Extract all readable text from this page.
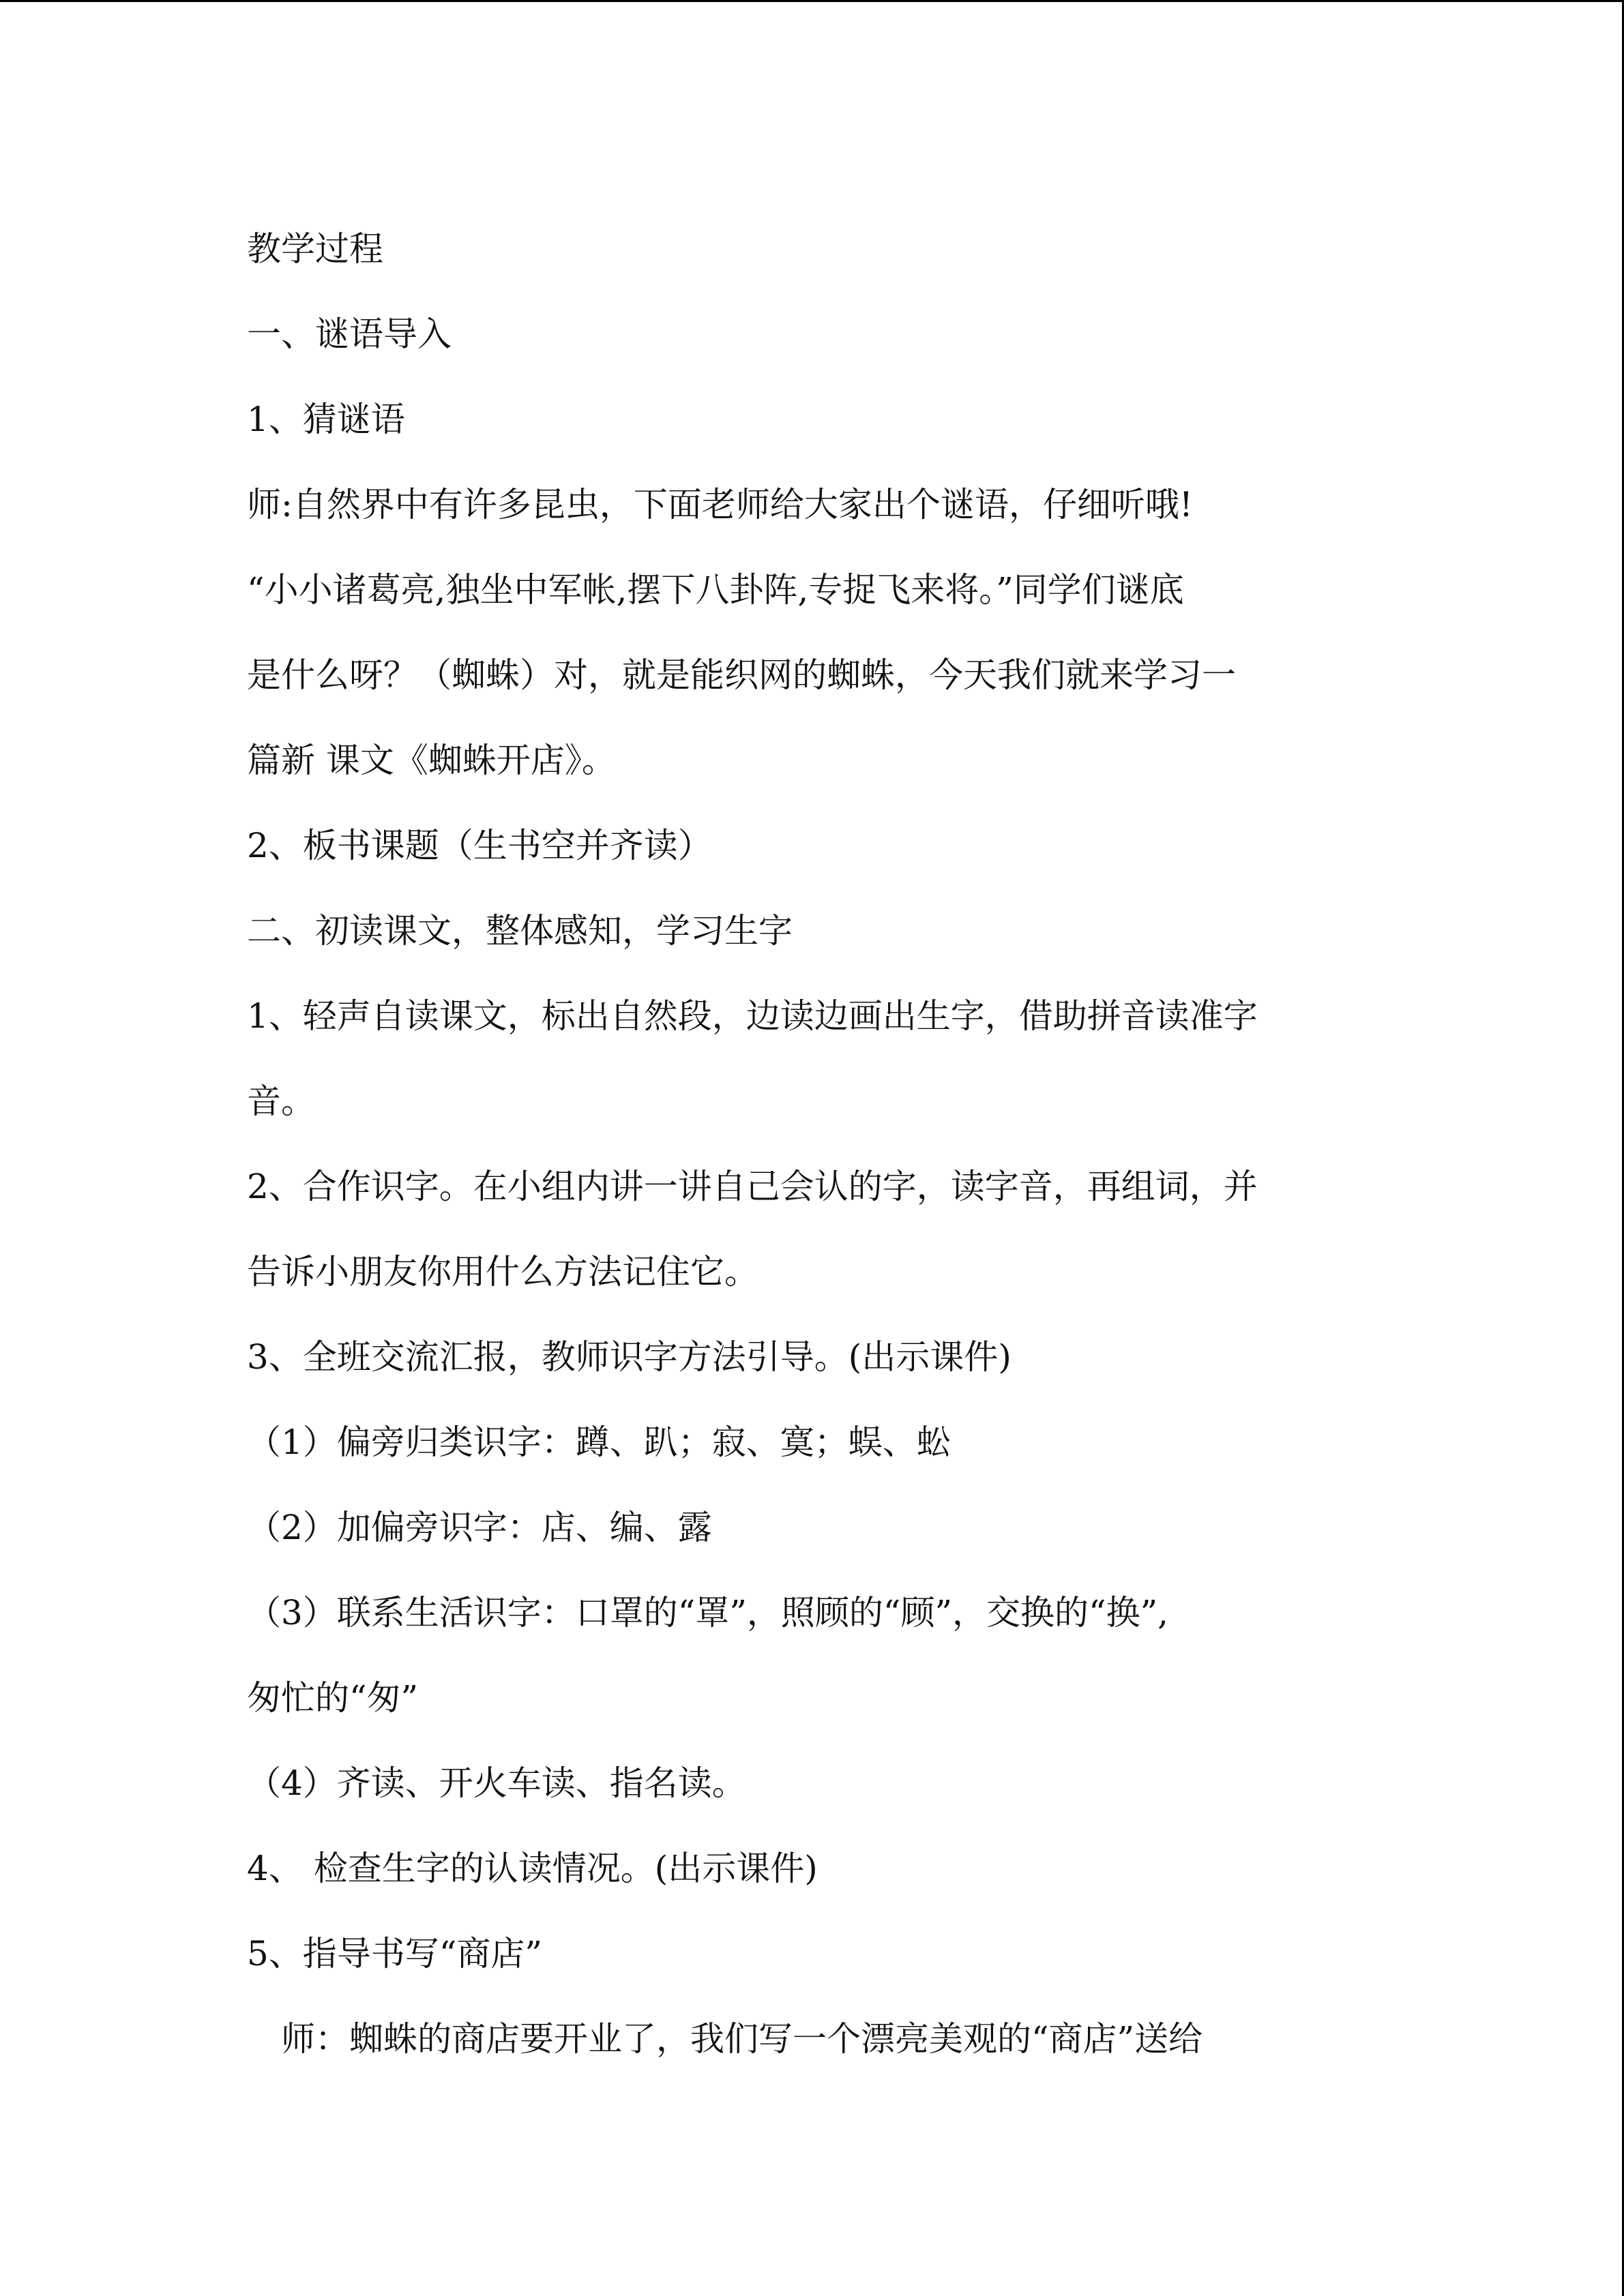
教学过程

一、谜语导入

1、猜谜语

师:自然界中有许多昆虫，下面老师给大家出个谜语，仔细听哦!

“小小诸葛亮,独坐中军帐,摆下八卦阵,专捉飞来将。”同学们谜底

是什么呀？（蜘蛛）对，就是能织网的蜘蛛，今天我们就来学习一

篇新 课文《蜘蛛开店》。

2、板书课题（生书空并齐读）

二、初读课文，整体感知，学习生字

1、轻声自读课文，标出自然段，边读边画出生字，借助拼音读准字

音。

2、合作识字。在小组内讲一讲自己会认的字，读字音，再组词，并

告诉小朋友你用什么方法记住它。

3、全班交流汇报，教师识字方法引导。(出示课件)

（1）偏旁归类识字：蹲、趴；寂、寞；蜈、蚣

（2）加偏旁识字：店、编、露

（3）联系生活识字：口罩的“罩”，照顾的“顾”，交换的“换”,

匆忙的“匆”

（4）齐读、开火车读、指名读。

4、 检查生字的认读情况。(出示课件)

5、指导书写“商店”

师：蜘蛛的商店要开业了，我们写一个漂亮美观的“商店”送给
